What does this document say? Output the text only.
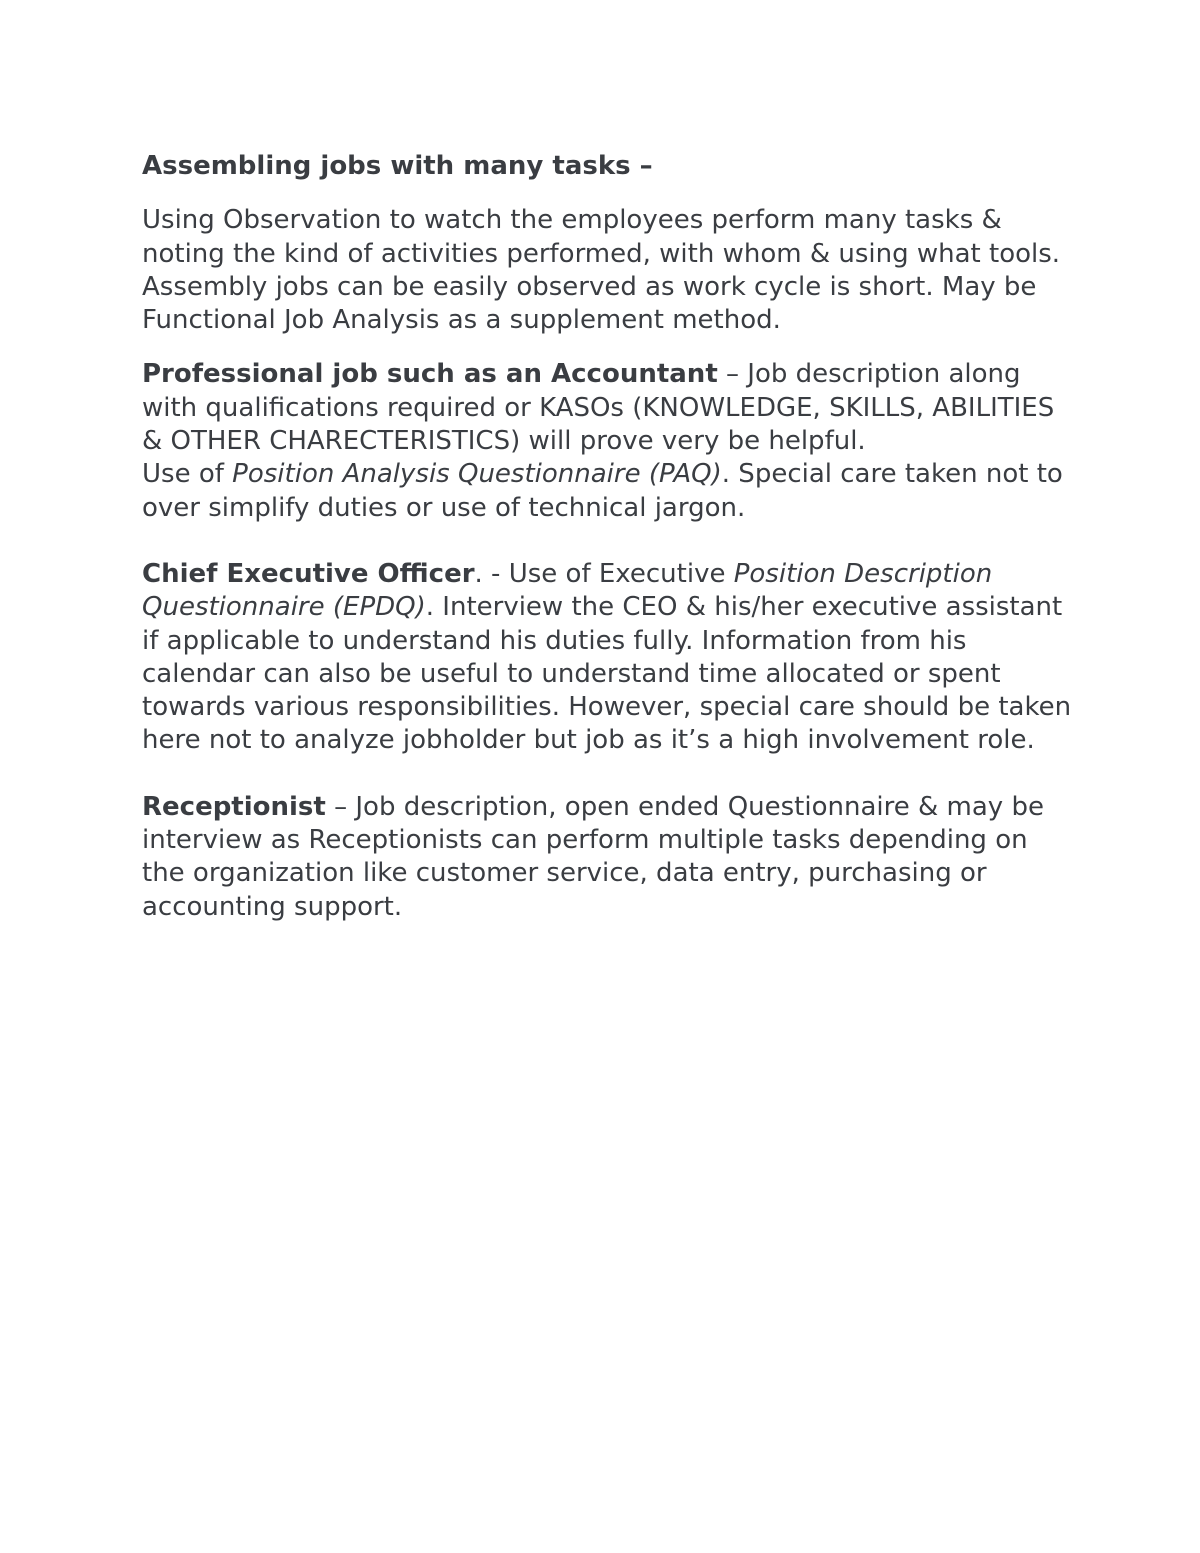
Assembling jobs with many tasks –

Using Observation to watch the employees perform many tasks & noting the kind of activities performed, with whom & using what tools. Assembly jobs can be easily observed as work cycle is short. May be Functional Job Analysis as a supplement method.

Professional job such as an Accountant – Job description along with qualifications required or KASOs (KNOWLEDGE, SKILLS, ABILITIES & OTHER CHARECTERISTICS) will prove very be helpful.

Use of Position Analysis Questionnaire (PAQ). Special care taken not to over simplify duties or use of technical jargon.

Chief Executive Officer. - Use of Executive Position Description Questionnaire (EPDQ). Interview the CEO & his/her executive assistant if applicable to understand his duties fully. Information from his calendar can also be useful to understand time allocated or spent towards various responsibilities. However, special care should be taken here not to analyze jobholder but job as it’s a high involvement role.

Receptionist – Job description, open ended Questionnaire & may be interview as Receptionists can perform multiple tasks depending on the organization like customer service, data entry, purchasing or accounting support.
